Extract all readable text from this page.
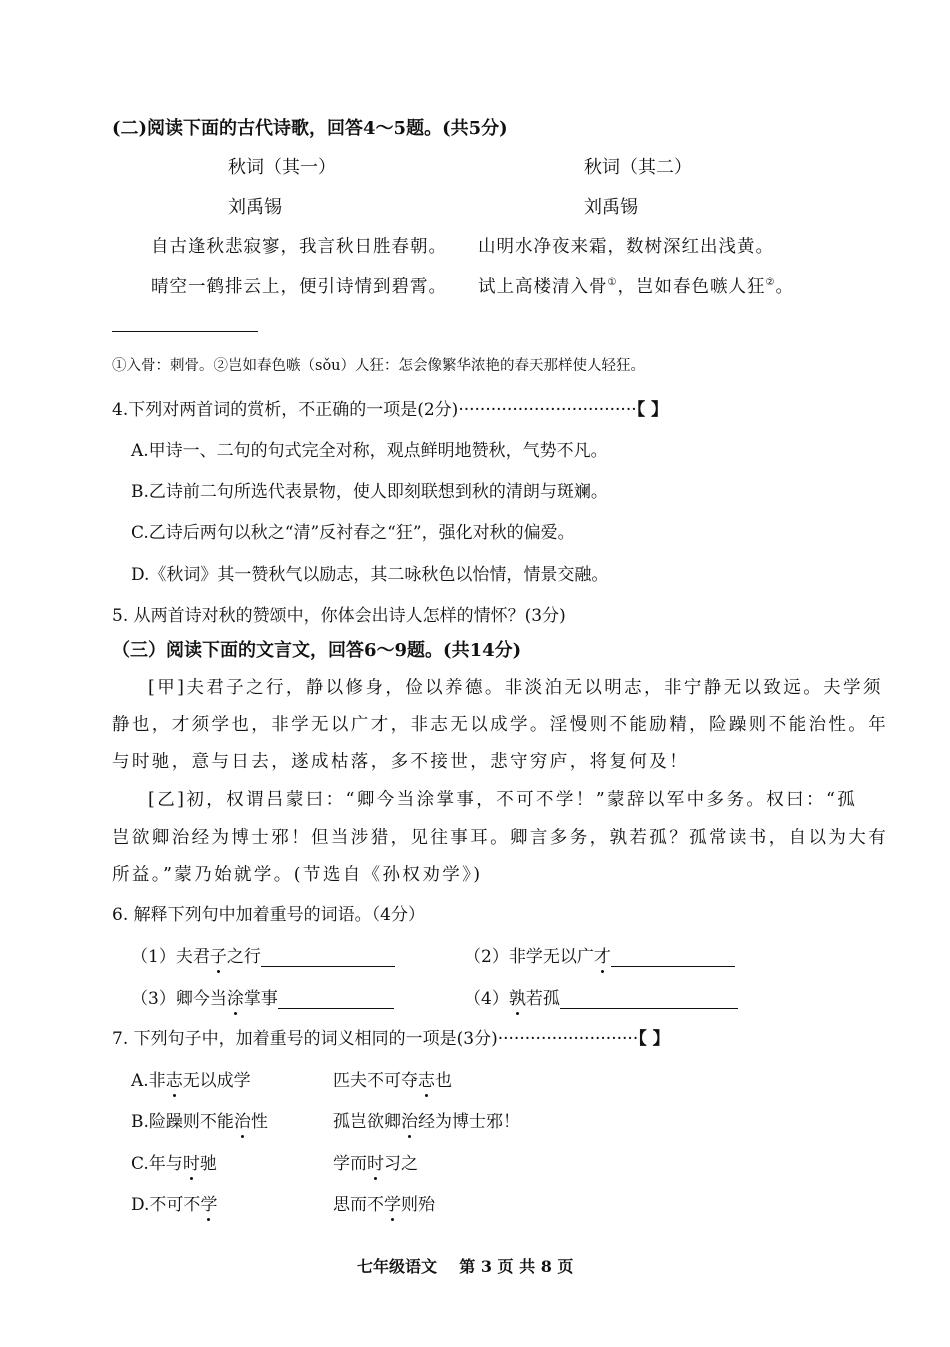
(二)阅读下面的古代诗歌，回答4～5题。(共5分)
秋词（其一）	秋词（其二）
刘禹锡	刘禹锡
自古逢秋悲寂寥，我言秋日胜春朝。 山明水净夜来霜，数树深红出浅黄。
晴空一鹤排云上，便引诗情到碧霄。 试上高楼清入骨①，岂如春色嗾人狂②。
①入骨：刺骨。②岂如春色嗾（sǒu）人狂：怎会像繁华浓艳的春天那样使人轻狂。
4.下列对两首词的赏析，不正确的一项是(2分)·································【 】
A.甲诗一、二句的句式完全对称，观点鲜明地赞秋，气势不凡。
B.乙诗前二句所选代表景物，使人即刻联想到秋的清朗与斑斓。
C.乙诗后两句以秋之“清”反衬春之“狂”，强化对秋的偏爱。
D.《秋词》其一赞秋气以励志，其二咏秋色以怡情，情景交融。
5. 从两首诗对秋的赞颂中，你体会出诗人怎样的情怀？(3分)
（三）阅读下面的文言文，回答6～9题。(共14分)
[甲]夫君子之行，静以修身，俭以养德。非淡泊无以明志，非宁静无以致远。夫学须
静也，才须学也，非学无以广才，非志无以成学。淫慢则不能励精，险躁则不能治性。年
与时驰，意与日去，遂成枯落，多不接世，悲守穷庐，将复何及！
[乙]初，权谓吕蒙曰：“卿今当涂掌事，不可不学！”蒙辞以军中多务。权曰：“孤
岂欲卿治经为博士邪！但当涉猎，见往事耳。卿言多务，孰若孤？孤常读书，自以为大有
所益。”蒙乃始就学。(节选自《孙权劝学》)
6. 解释下列句中加着重号的词语。（4分）
（1）夫君子之行	（2）非学无以广才
（3）卿今当涂掌事	（4）孰若孤
7. 下列句子中，加着重号的词义相同的一项是(3分)··························【 】
A.非志无以成学	匹夫不可夺志也
B.险躁则不能治性	孤岂欲卿治经为博士邪！
C.年与时驰	学而时习之
D.不可不学	思而不学则殆
七年级语文    第 3 页 共 8 页
